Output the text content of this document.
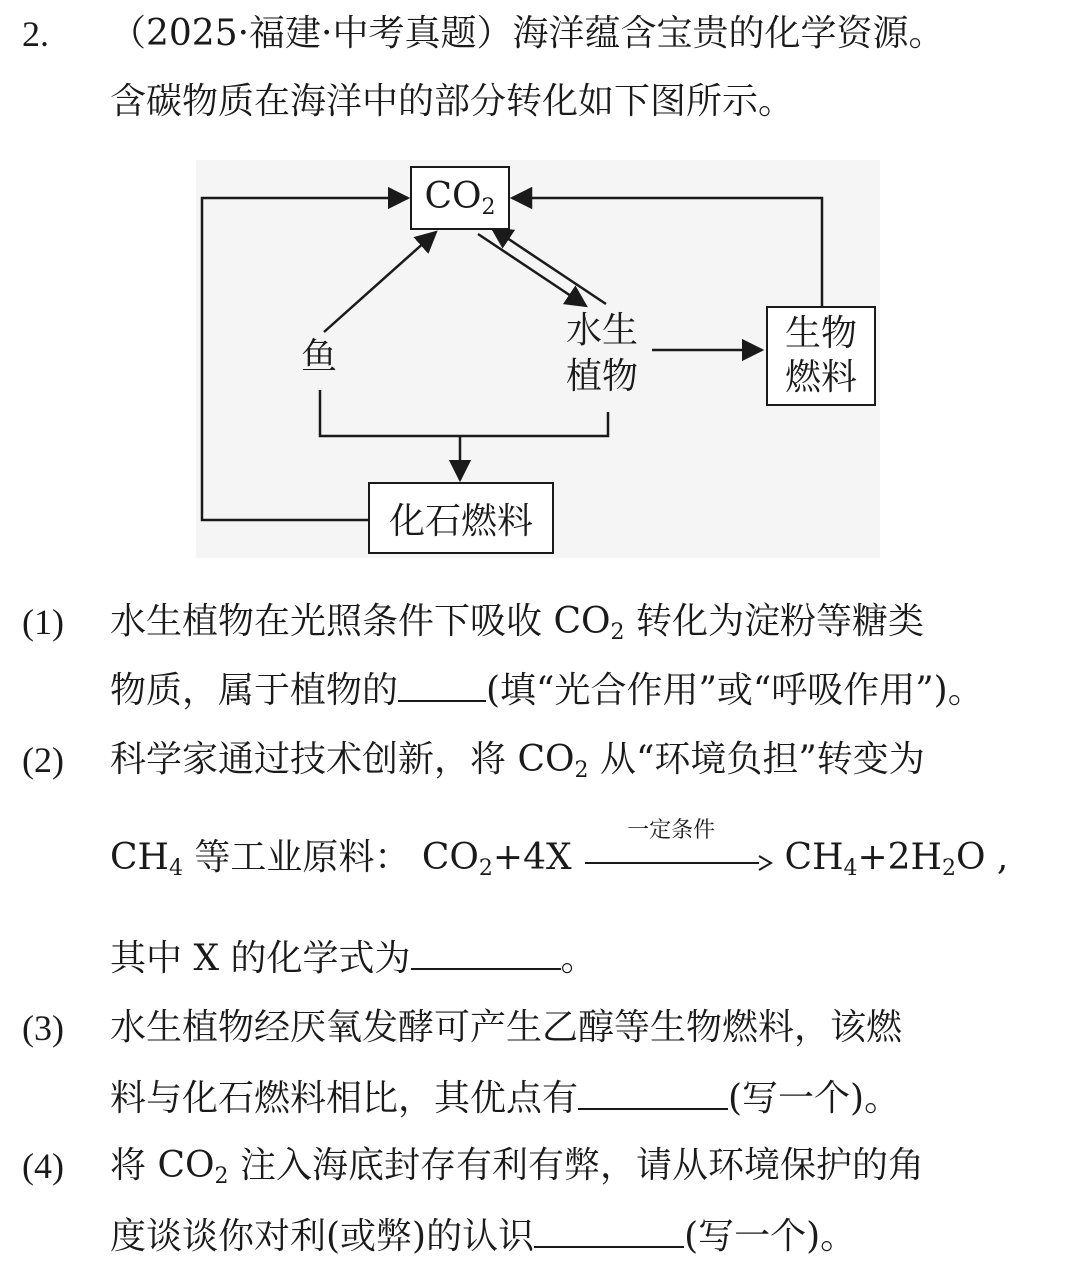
2. （2025·福建·中考真题）海洋蕴含宝贵的化学资源。
含碳物质在海洋中的部分转化如下图所示。
$CO_2$
鱼
水生
植物
生物
燃料
化石燃料
(1) 水生植物在光照条件下吸收 $CO_2$ 转化为淀粉等糖类
物质，属于植物的 (填“光合作用”或“呼吸作用”)。
(2) 科学家通过技术创新，将 $CO_2$ 从“环境负担”转变为
$CH_4$ 等工业原料： $CO_2+4X$
一定条件
$CH_4+2H_2O$ ,
其中 X 的化学式为	。
(3) 水生植物经厌氧发酵可产生乙醇等生物燃料，该燃
料与化石燃料相比，其优点有	(写一个)。
(4) 将 $CO_2$ 注入海底封存有利有弊，请从环境保护的角
度谈谈你对利(或弊)的认识	(写一个)。
